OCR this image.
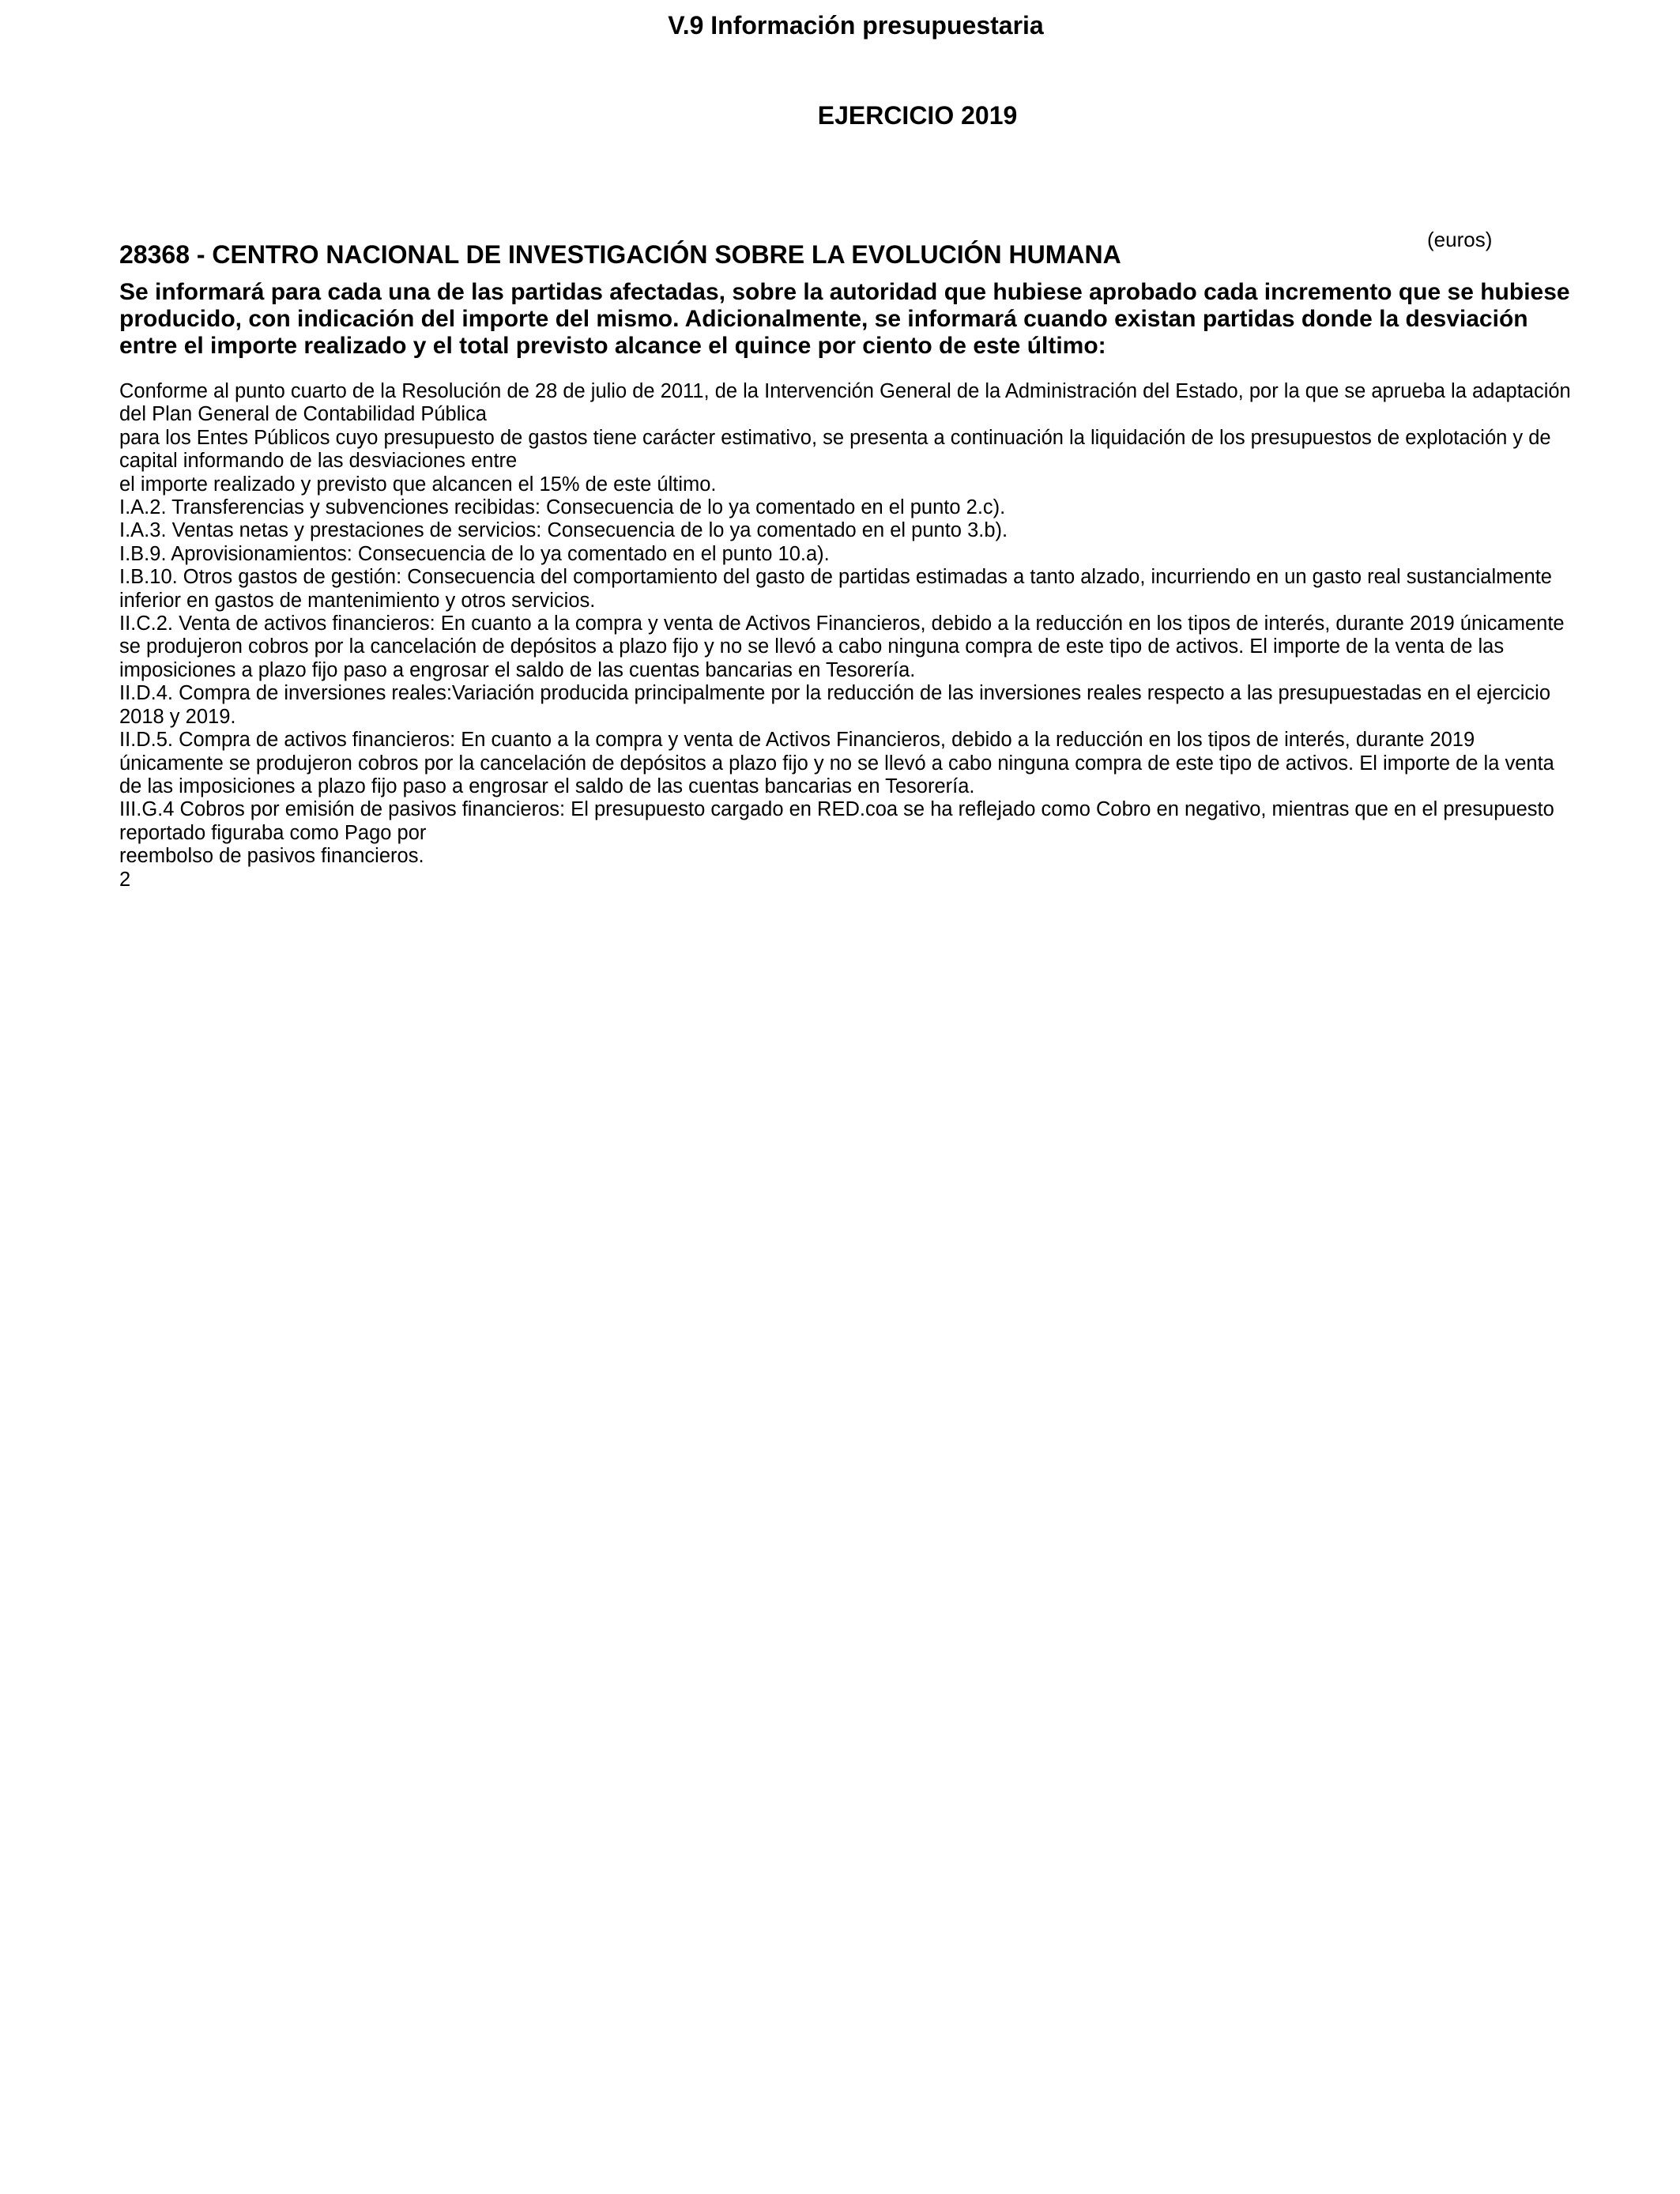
V.9 Información presupuestaria
EJERCICIO 2019
(euros)
28368 - CENTRO NACIONAL DE INVESTIGACIÓN SOBRE LA EVOLUCIÓN HUMANA

Se informará para cada una de las partidas afectadas, sobre la autoridad que hubiese aprobado cada incremento que se hubiese producido, con indicación del importe del mismo. Adicionalmente, se informará cuando existan partidas donde la desviación entre el importe realizado y el total previsto alcance el quince por ciento de este último:

Conforme al punto cuarto de la Resolución de 28 de julio de 2011, de la Intervención General de la Administración del Estado, por la que se aprueba la adaptación del Plan General de Contabilidad Pública
para los Entes Públicos cuyo presupuesto de gastos tiene carácter estimativo, se presenta a continuación la liquidación de los presupuestos de explotación y de capital informando de las desviaciones entre
el importe realizado y previsto que alcancen el 15% de este último.
I.A.2. Transferencias y subvenciones recibidas: Consecuencia de lo ya comentado en el punto 2.c).
I.A.3. Ventas netas y prestaciones de servicios: Consecuencia de lo ya comentado en el punto 3.b).
I.B.9. Aprovisionamientos: Consecuencia de lo ya comentado en el punto 10.a).
I.B.10. Otros gastos de gestión: Consecuencia del comportamiento del gasto de partidas estimadas a tanto alzado, incurriendo en un gasto real sustancialmente inferior en gastos de mantenimiento y otros servicios.
II.C.2. Venta de activos financieros: En cuanto a la compra y venta de Activos Financieros, debido a la reducción en los tipos de interés, durante 2019 únicamente se produjeron cobros por la cancelación de depósitos a plazo fijo y no se llevó a cabo ninguna compra de este tipo de activos. El importe de la venta de las imposiciones a plazo fijo paso a engrosar el saldo de las cuentas bancarias en Tesorería.
II.D.4. Compra de inversiones reales:Variación producida principalmente por la reducción de las inversiones reales respecto a las presupuestadas en el ejercicio 2018 y 2019.
II.D.5. Compra de activos financieros: En cuanto a la compra y venta de Activos Financieros, debido a la reducción en los tipos de interés, durante 2019 únicamente se produjeron cobros por la cancelación de depósitos a plazo fijo y no se llevó a cabo ninguna compra de este tipo de activos. El importe de la venta de las imposiciones a plazo fijo paso a engrosar el saldo de las cuentas bancarias en Tesorería.
III.G.4 Cobros por emisión de pasivos financieros: El presupuesto cargado en RED.coa se ha reflejado como Cobro en negativo, mientras que en el presupuesto reportado figuraba como Pago por
reembolso de pasivos financieros.
2
